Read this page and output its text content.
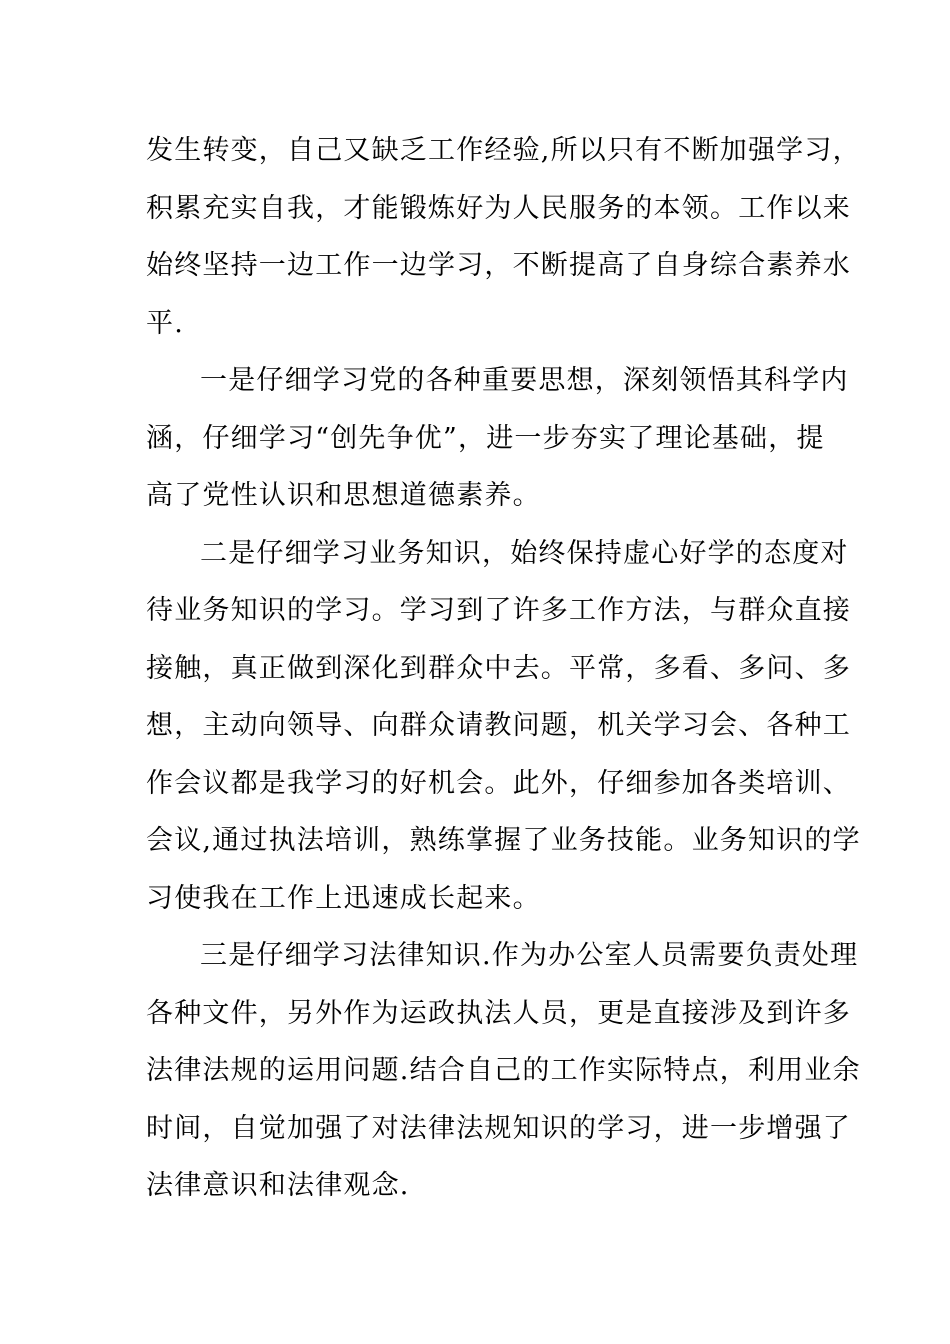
发生转变，自己又缺乏工作经验,所以只有不断加强学习，
积累充实自我，才能锻炼好为人民服务的本领。工作以来
始终坚持一边工作一边学习，不断提高了自身综合素养水
平.
一是仔细学习党的各种重要思想，深刻领悟其科学内
涵，仔细学习“创先争优”，进一步夯实了理论基础，提
高了党性认识和思想道德素养。
二是仔细学习业务知识，始终保持虚心好学的态度对
待业务知识的学习。学习到了许多工作方法，与群众直接
接触，真正做到深化到群众中去。平常，多看、多问、多
想，主动向领导、向群众请教问题，机关学习会、各种工
作会议都是我学习的好机会。此外，仔细参加各类培训、
会议,通过执法培训，熟练掌握了业务技能。业务知识的学
习使我在工作上迅速成长起来。
三是仔细学习法律知识.作为办公室人员需要负责处理
各种文件，另外作为运政执法人员，更是直接涉及到许多
法律法规的运用问题.结合自己的工作实际特点，利用业余
时间，自觉加强了对法律法规知识的学习，进一步增强了
法律意识和法律观念.
